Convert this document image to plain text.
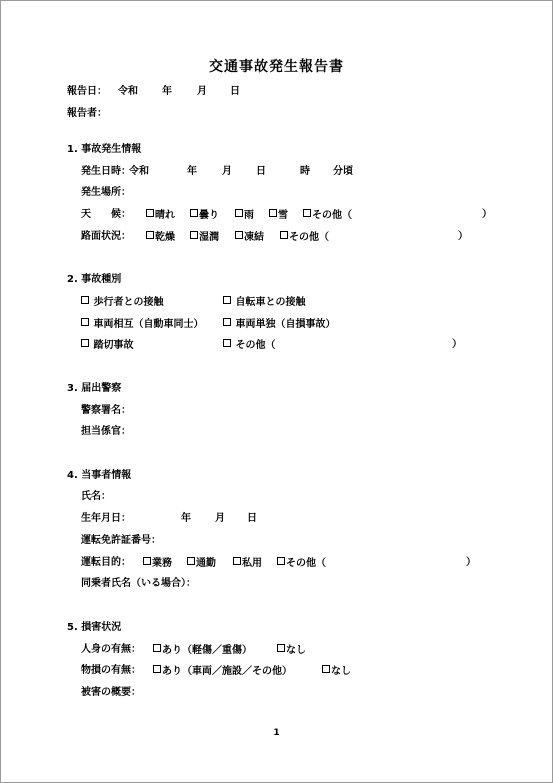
交通事故発生報告書
報告日： 令和 年	月 日
報告者：
1. 事故発生情報
発生日時：
令和	年	月 日	時 分頃
発生場所：
天　　候：	晴れ	曇り	雨	雪	その他（	）
路面状況：	乾燥	湿潤	凍結	その他（	）
2. 事故種別
歩行者との接触	自転車との接触
車両相互（自動車同士）	車両単独（自損事故）
踏切事故	その他（	）
3. 届出警察
警察署名：
担当係官：
4. 当事者情報
氏名：
生年月日：	年 月 日
運転免許証番号：
運転目的：	業務	通勤	私用	その他（	）
同乗者氏名（いる場合）：
5. 損害状況
人身の有無：	あり（軽傷／重傷）	なし
物損の有無：	あり（車両／施設／その他）	なし
被害の概要：
1
